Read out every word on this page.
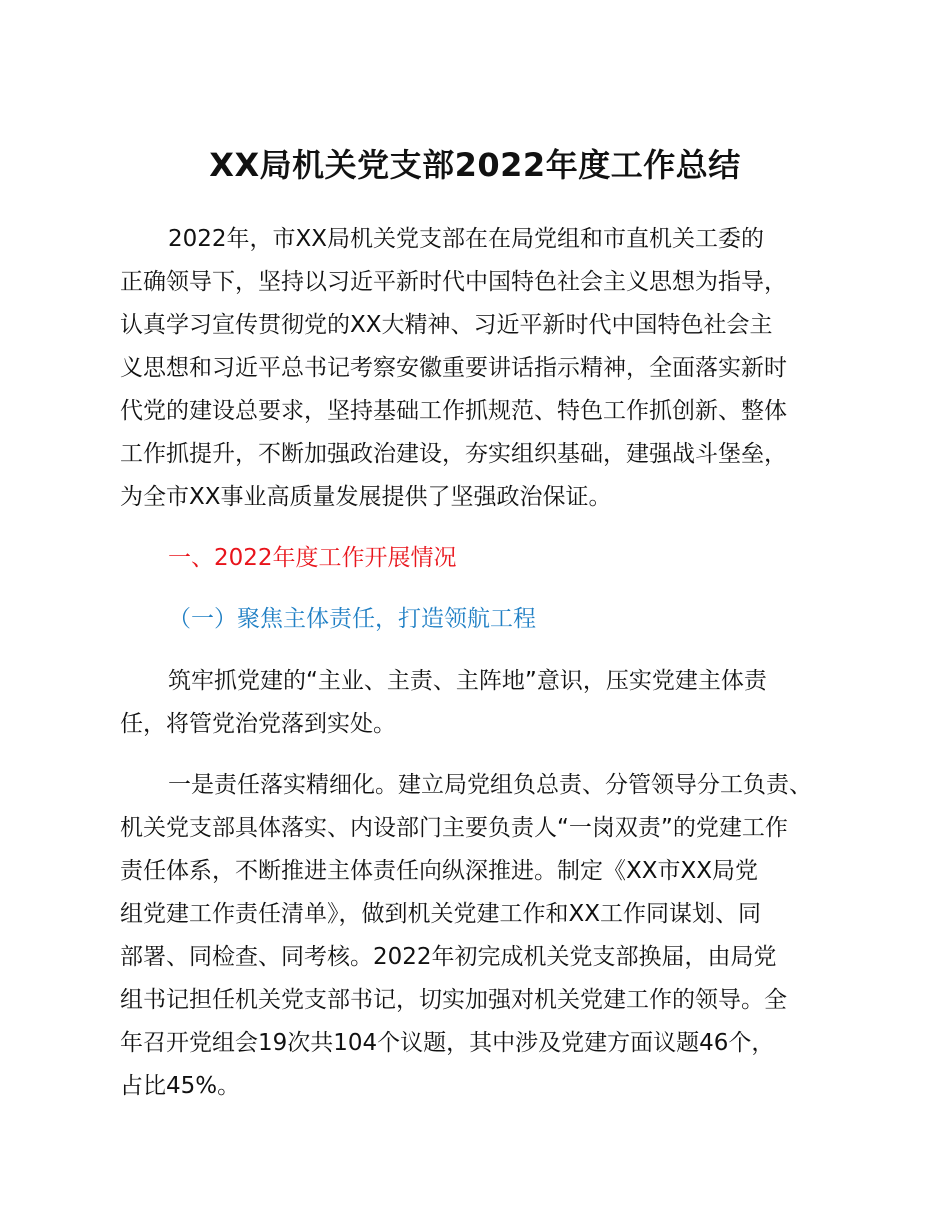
XX局机关党支部2022年度工作总结
2022年，市XX局机关党支部在在局党组和市直机关工委的
正确领导下，坚持以习近平新时代中国特色社会主义思想为指导，
认真学习宣传贯彻党的XX大精神、习近平新时代中国特色社会主
义思想和习近平总书记考察安徽重要讲话指示精神，全面落实新时
代党的建设总要求，坚持基础工作抓规范、特色工作抓创新、整体
工作抓提升，不断加强政治建设，夯实组织基础，建强战斗堡垒，
为全市XX事业高质量发展提供了坚强政治保证。
一、2022年度工作开展情况
（一）聚焦主体责任，打造领航工程
筑牢抓党建的“主业、主责、主阵地”意识，压实党建主体责
任，将管党治党落到实处。
一是责任落实精细化。建立局党组负总责、分管领导分工负责、
机关党支部具体落实、内设部门主要负责人“一岗双责”的党建工作
责任体系，不断推进主体责任向纵深推进。制定《XX市XX局党
组党建工作责任清单》，做到机关党建工作和XX工作同谋划、同
部署、同检查、同考核。2022年初完成机关党支部换届，由局党
组书记担任机关党支部书记，切实加强对机关党建工作的领导。全
年召开党组会19次共104个议题，其中涉及党建方面议题46个，
占比45%。
